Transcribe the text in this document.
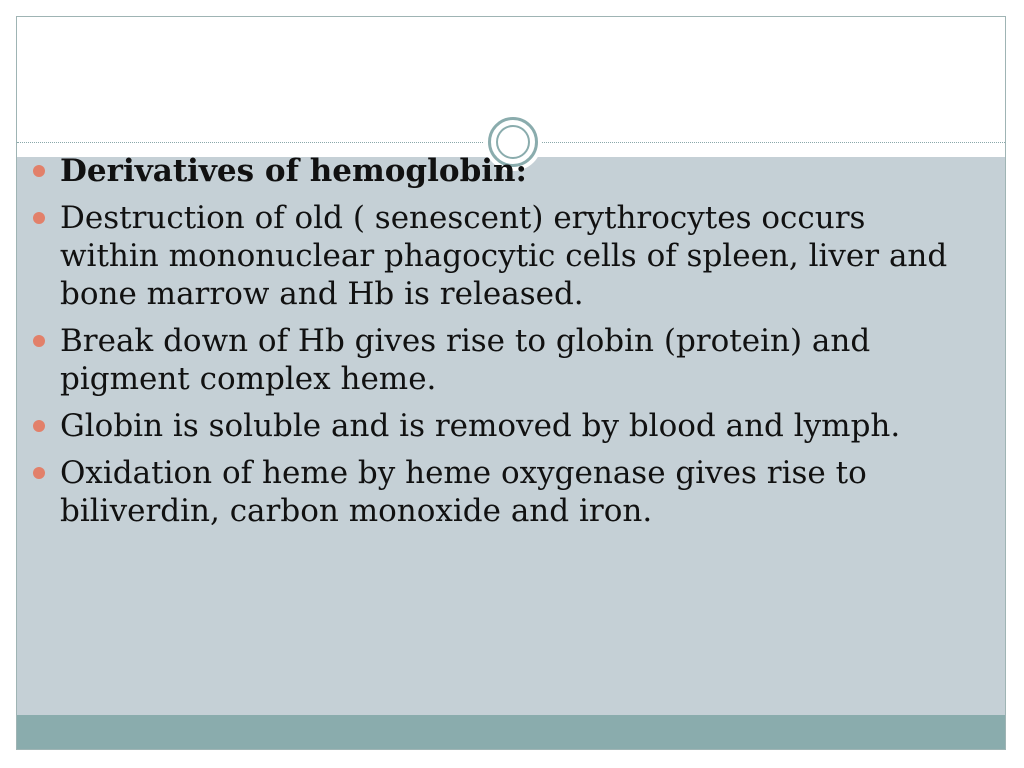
Derivatives of hemoglobin:
Destruction of old ( senescent) erythrocytes occurs within mononuclear phagocytic cells of spleen, liver and bone marrow and Hb is released.
Break down of Hb gives rise to globin (protein) and pigment complex heme.
Globin is soluble and is removed by blood and lymph.
Oxidation of heme by heme oxygenase gives rise to biliverdin, carbon monoxide and iron.
